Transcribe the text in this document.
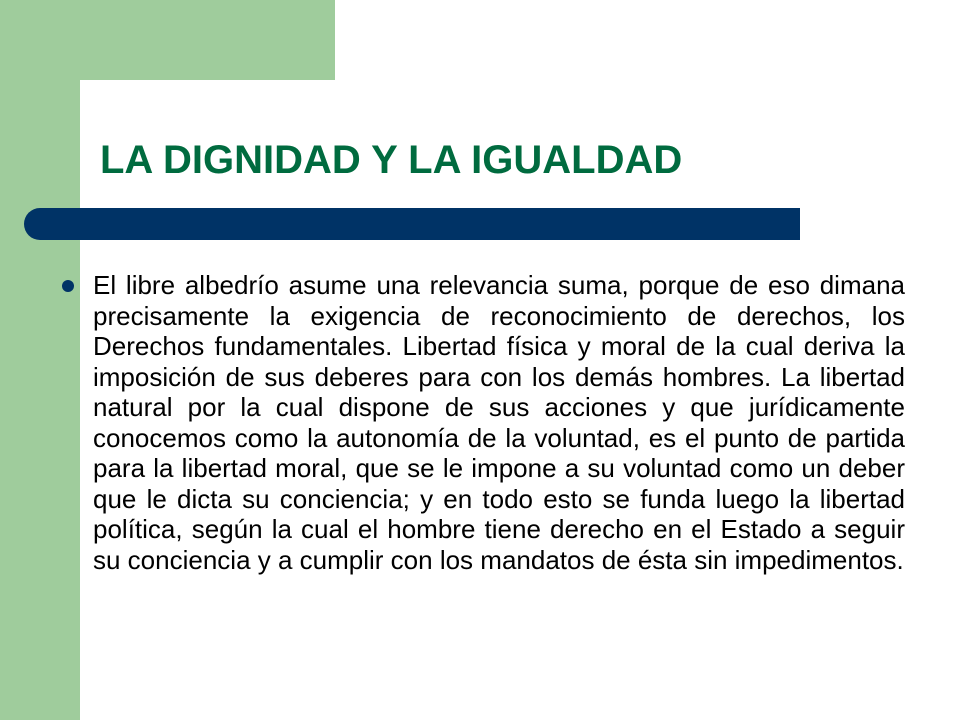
LA DIGNIDAD Y LA IGUALDAD
El libre albedrío asume una relevancia suma, porque de eso dimana precisamente la exigencia de reconocimiento de derechos, los Derechos fundamentales. Libertad física y moral de la cual deriva la imposición de sus deberes para con los demás hombres. La libertad natural por la cual dispone de sus acciones y que jurídicamente conocemos como la autonomía de la voluntad, es el punto de partida para la libertad moral, que se le impone a su voluntad como un deber que le dicta su conciencia; y en todo esto se funda luego la libertad política, según la cual el hombre tiene derecho en el Estado a seguir su conciencia y a cumplir con los mandatos de ésta sin impedimentos.
